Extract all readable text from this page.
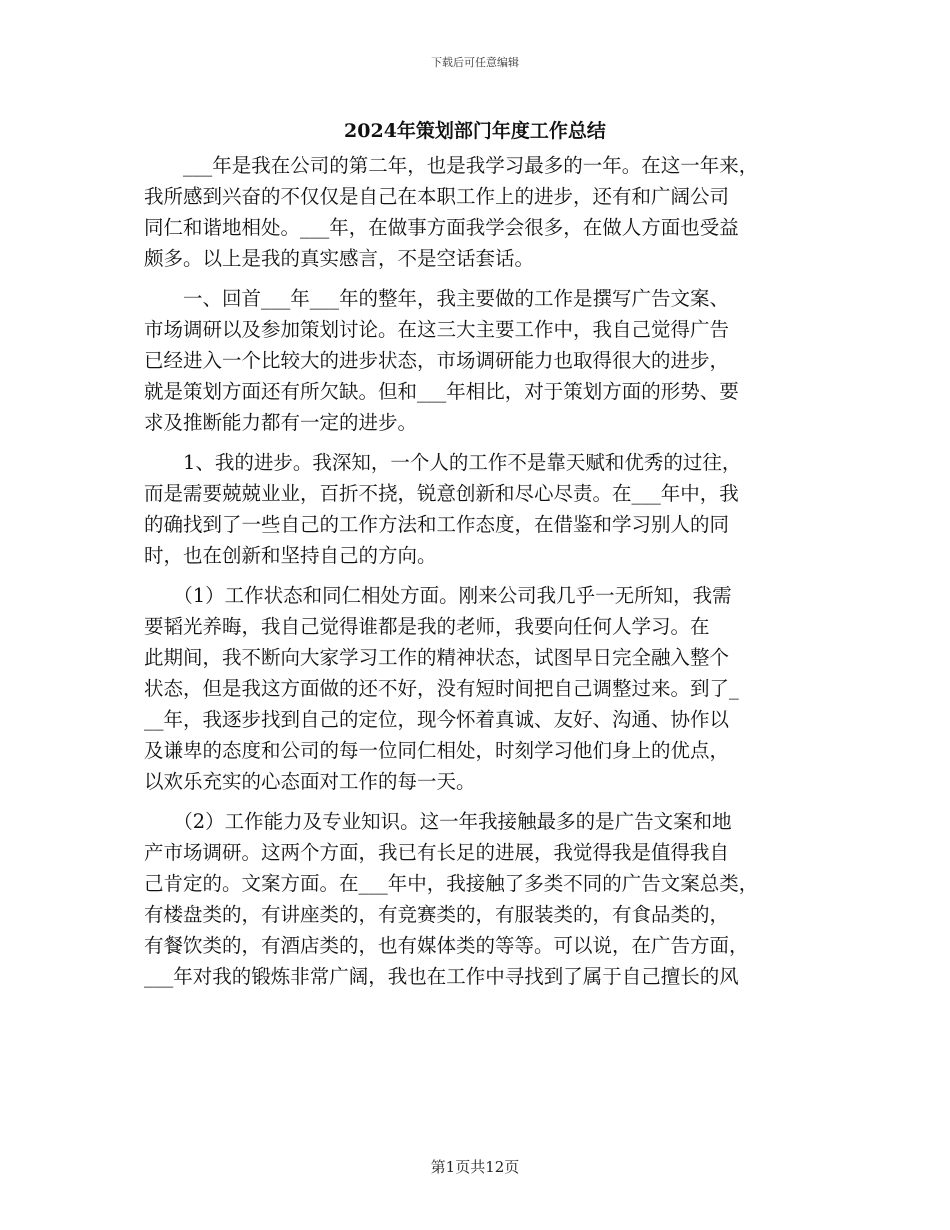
下载后可任意编辑
2024年策划部门年度工作总结
　　___年是我在公司的第二年，也是我学习最多的一年。在这一年来，
我所感到兴奋的不仅仅是自己在本职工作上的进步，还有和广阔公司
同仁和谐地相处。___年，在做事方面我学会很多，在做人方面也受益
颇多。以上是我的真实感言，不是空话套话。
　　一、回首___年___年的整年，我主要做的工作是撰写广告文案、
市场调研以及参加策划讨论。在这三大主要工作中，我自己觉得广告
已经进入一个比较大的进步状态，市场调研能力也取得很大的进步，
就是策划方面还有所欠缺。但和___年相比，对于策划方面的形势、要
求及推断能力都有一定的进步。
　　1、我的进步。我深知，一个人的工作不是靠天赋和优秀的过往，
而是需要兢兢业业，百折不挠，锐意创新和尽心尽责。在___年中，我
的确找到了一些自己的工作方法和工作态度，在借鉴和学习别人的同
时，也在创新和坚持自己的方向。
　　（1）工作状态和同仁相处方面。刚来公司我几乎一无所知，我需
要韬光养晦，我自己觉得谁都是我的老师，我要向任何人学习。在
此期间，我不断向大家学习工作的精神状态，试图早日完全融入整个
状态，但是我这方面做的还不好，没有短时间把自己调整过来。到了_
__年，我逐步找到自己的定位，现今怀着真诚、友好、沟通、协作以
及谦卑的态度和公司的每一位同仁相处，时刻学习他们身上的优点，
以欢乐充实的心态面对工作的每一天。
　　（2）工作能力及专业知识。这一年我接触最多的是广告文案和地
产市场调研。这两个方面，我已有长足的进展，我觉得我是值得我自
己肯定的。文案方面。在___年中，我接触了多类不同的广告文案总类，
有楼盘类的，有讲座类的，有竞赛类的，有服装类的，有食品类的，
有餐饮类的，有酒店类的，也有媒体类的等等。可以说，在广告方面，
___年对我的锻炼非常广阔，我也在工作中寻找到了属于自己擅长的风
第1页共12页
